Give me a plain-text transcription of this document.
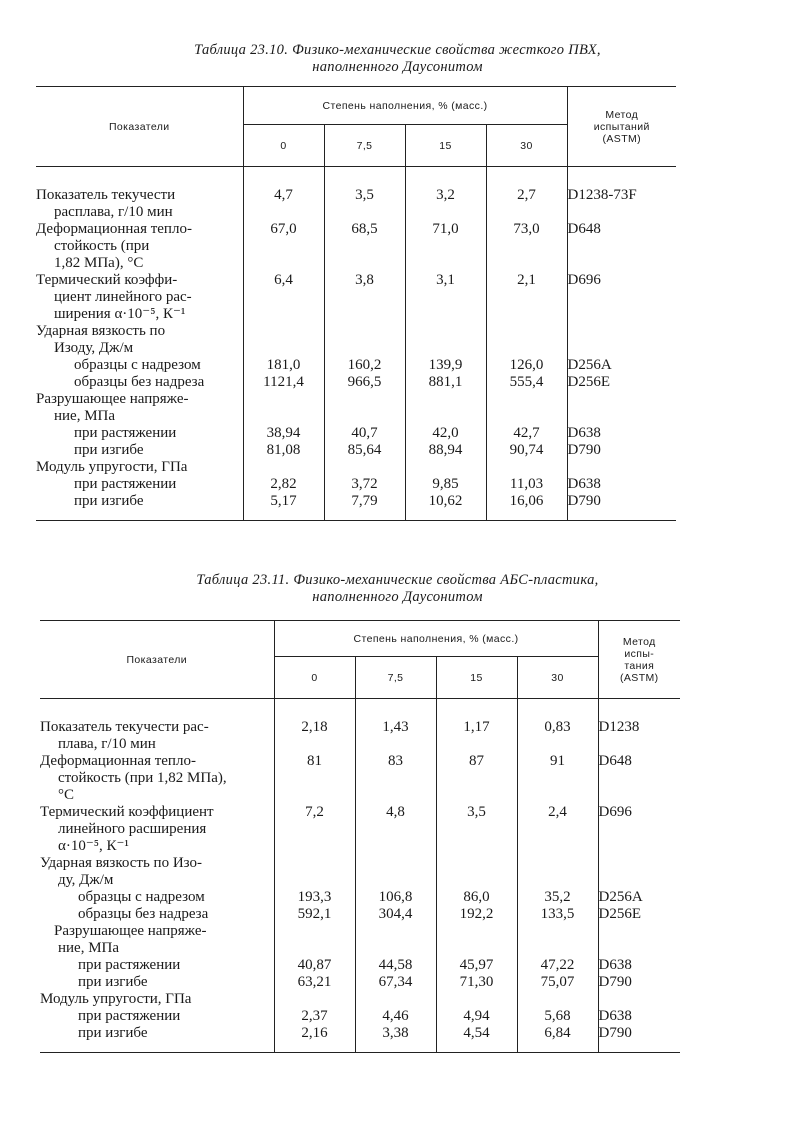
Таблица 23.10. Физико-механические свойства жесткого ПВХ,
наполненного Даусонитом
Показатели	Степень наполнения, % (масс.)				Метод
испытаний
(ASTM)

	0	7,5	15	30	

Показатель текучести
расплава, г/10 мин	4,7	3,5	3,2	2,7	D1238-73F
Деформационная тепло-
стойкость (при
1,82 МПа), °С	67,0	68,5	71,0	73,0	D648
Термический коэффи-
циент линейного рас-
ширения α·10⁻⁵, К⁻¹	6,4	3,8	3,1	2,1	D696
Ударная вязкость по
Изоду, Дж/м					

образцы с надрезом	181,0	160,2	139,9	126,0	D256A
образцы без надреза	1121,4	966,5	881,1	555,4	D256E
Разрушающее напряже-
ние, МПа					

при растяжении	38,94	40,7	42,0	42,7	D638
при изгибе	81,08	85,64	88,94	90,74	D790
Модуль упругости, ГПа					
при растяжении	2,82	3,72	9,85	11,03	D638
при изгибе	5,17	7,79	10,62	16,06	D790

Таблица 23.11. Физико-механические свойства АБС-пластика,
наполненного Даусонитом
Показатели	Степень наполнения, % (масс.)				Метод
испы-
тания
(ASTM)

	0	7,5	15	30	

Показатель текучести рас-
плава, г/10 мин	2,18	1,43	1,17	0,83	D1238
Деформационная тепло-
стойкость (при 1,82 МПа),
°С	81	83	87	91	D648
Термический коэффициент
линейного расширения
α·10⁻⁵, К⁻¹	7,2	4,8	3,5	2,4	D696
Ударная вязкость по Изо-
ду, Дж/м					

образцы с надрезом	193,3	106,8	86,0	35,2	D256A
образцы без надреза	592,1	304,4	192,2	133,5	D256E
Разрушающее напряже-
ние, МПа					

при растяжении	40,87	44,58	45,97	47,22	D638
при изгибе	63,21	67,34	71,30	75,07	D790
Модуль упругости, ГПа					
при растяжении	2,37	4,46	4,94	5,68	D638
при изгибе	2,16	3,38	4,54	6,84	D790
